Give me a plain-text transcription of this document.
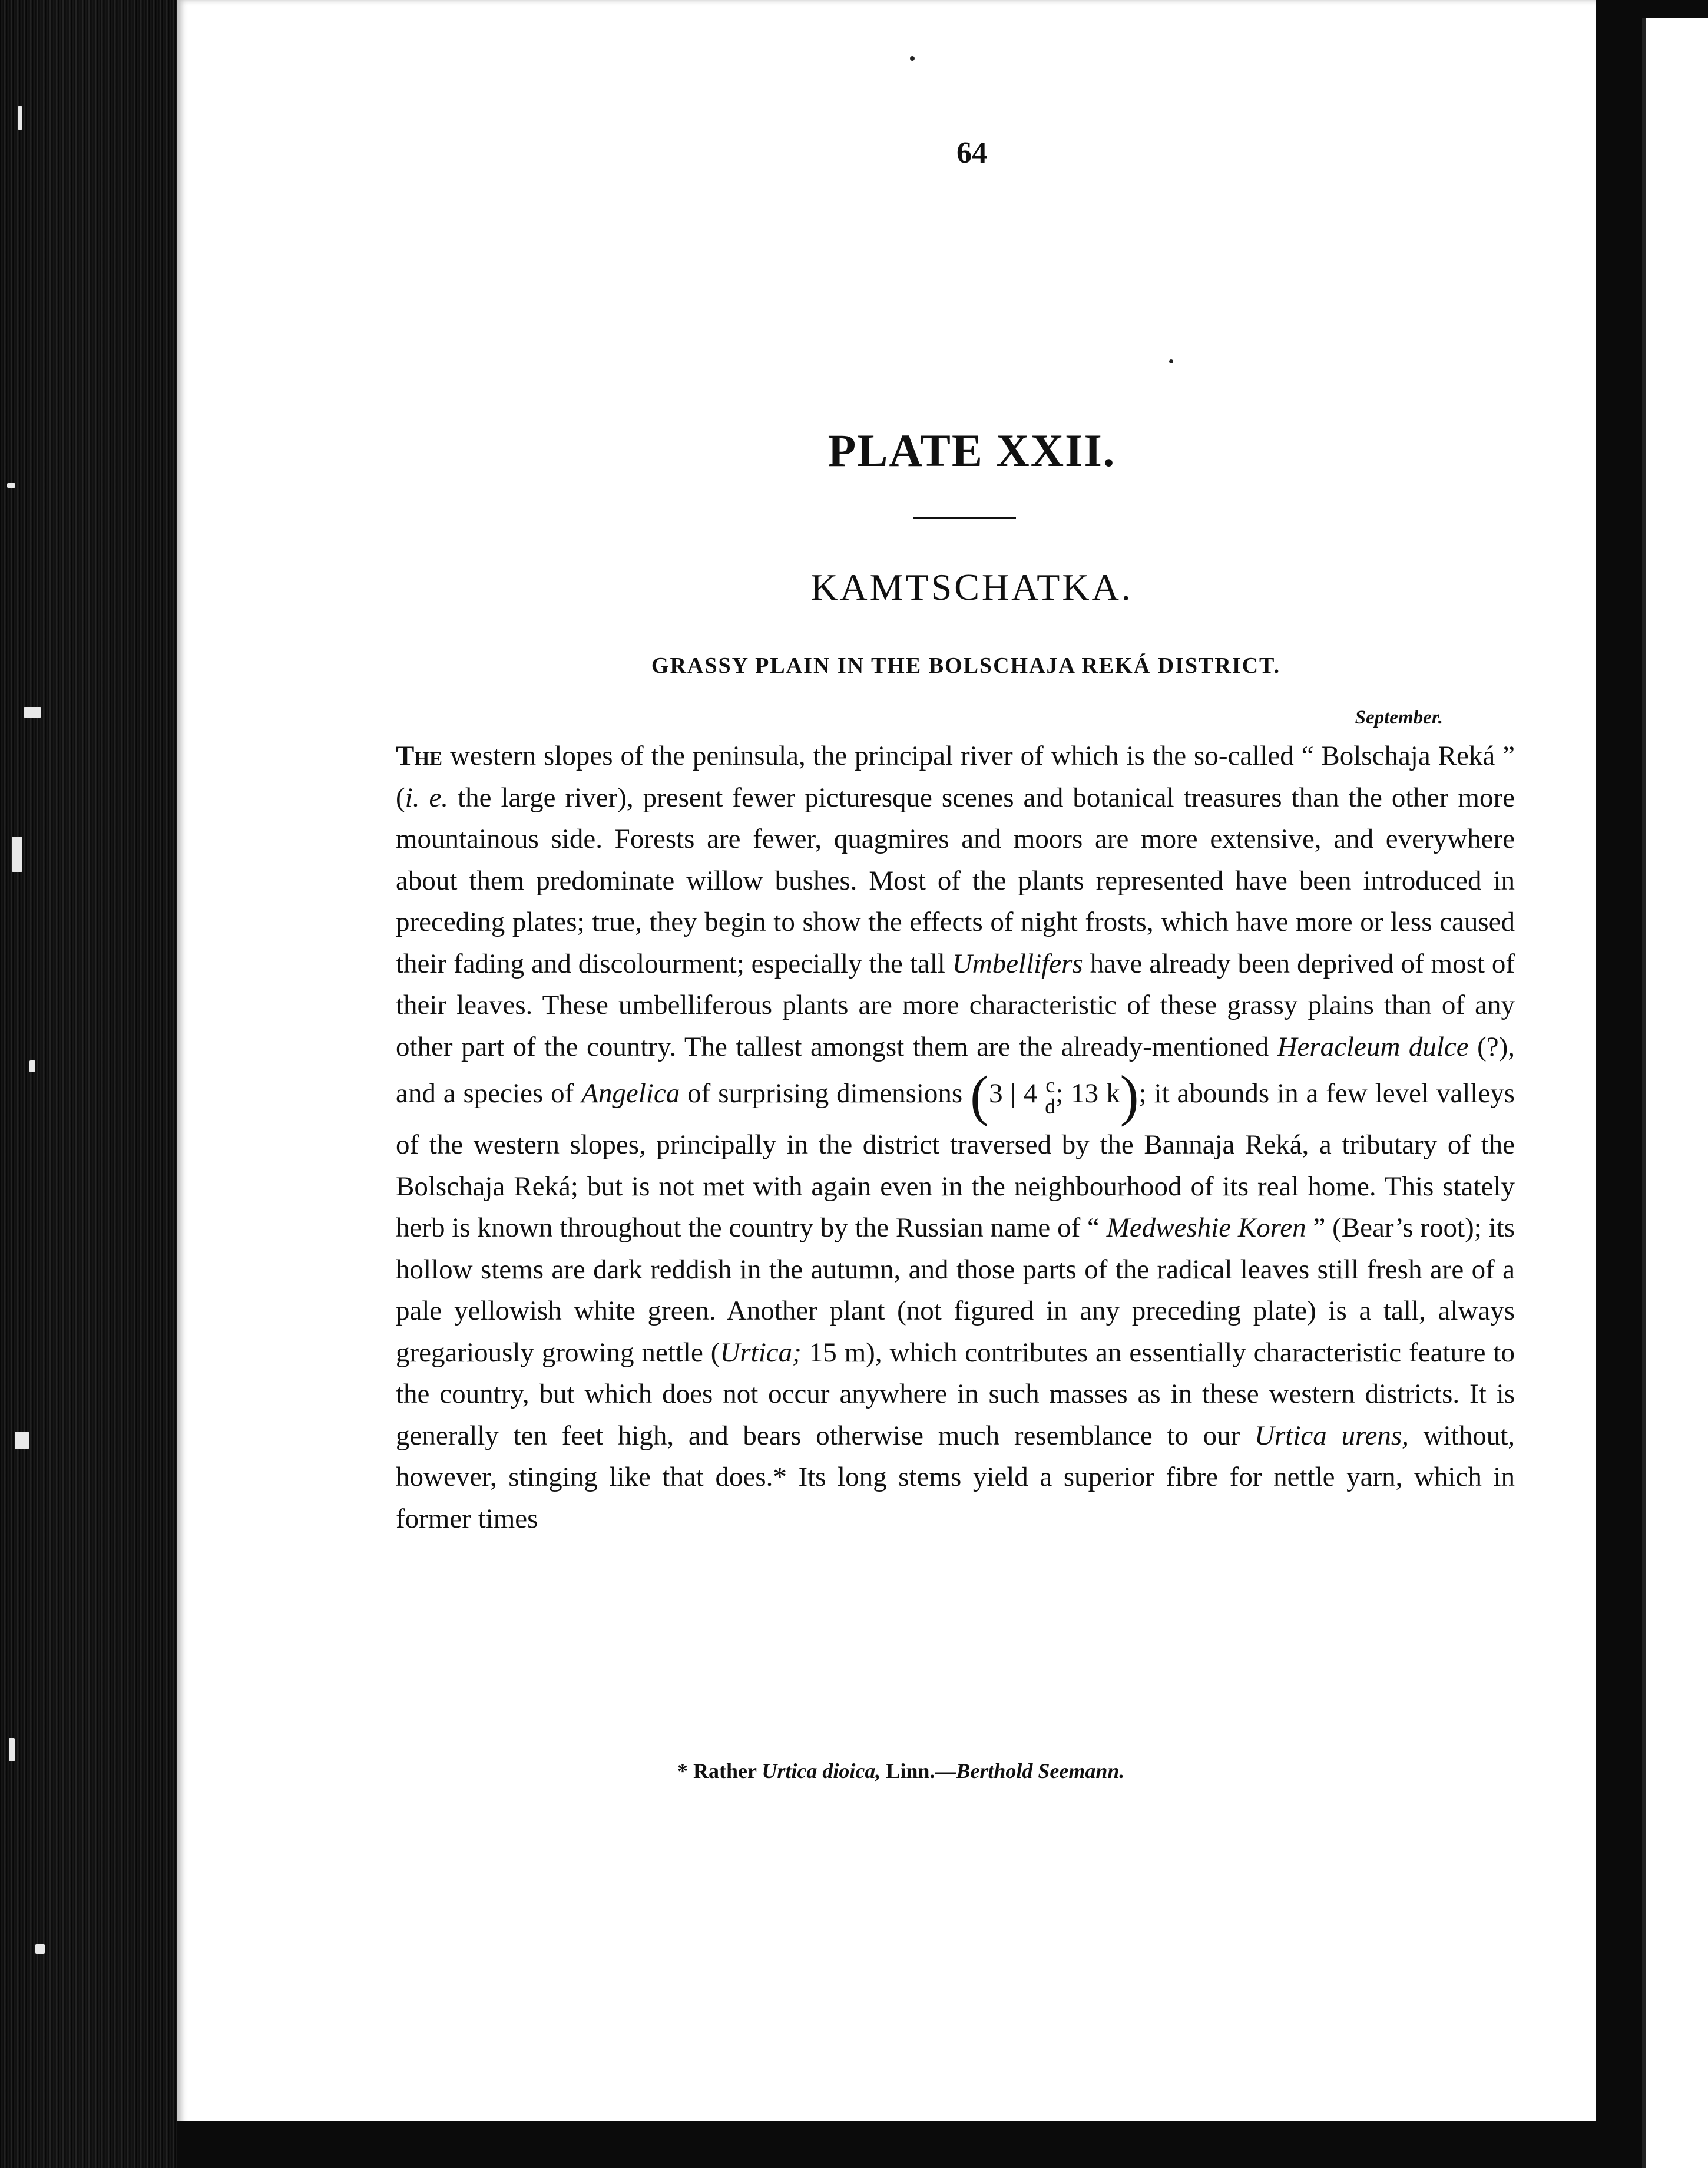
64
PLATE XXII.
KAMTSCHATKA.
GRASSY PLAIN IN THE BOLSCHAJA REKÁ DISTRICT.
September.

The western slopes of the peninsula, the principal river of which is the so-called “ Bolschaja Reká ” (i. e. the large river), present fewer picturesque scenes and botanical treasures than the other more mountainous side. Forests are fewer, quagmires and moors are more extensive, and everywhere about them predominate willow bushes. Most of the plants represented have been introduced in preceding plates; true, they begin to show the effects of night frosts, which have more or less caused their fading and discolourment; especially the tall Umbellifers have already been deprived of most of their leaves. These umbelliferous plants are more characteristic of these grassy plains than of any other part of the country. The tallest amongst them are the already-mentioned Heracleum dulce (?), and a species of Angelica of surprising dimensions (3 | 4 c
d ; 13 k); it abounds in a few level valleys of the western slopes, principally in the district traversed by the Bannaja Reká, a tributary of the Bolschaja Reká; but is not met with again even in the neighbourhood of its real home. This stately herb is known throughout the country by the Russian name of “ Medweshie Koren ” (Bear’s root); its hollow stems are dark reddish in the autumn, and those parts of the radical leaves still fresh are of a pale yellowish white green. Another plant (not figured in any preceding plate) is a tall, always gregariously growing nettle (Urtica; 15 m), which contributes an essentially characteristic feature to the country, but which does not occur anywhere in such masses as in these western districts. It is generally ten feet high, and bears otherwise much resemblance to our Urtica urens, without, however, stinging like that does.* Its long stems yield a superior fibre for nettle yarn, which in former times

* Rather Urtica dioica, Linn.—Berthold Seemann.
